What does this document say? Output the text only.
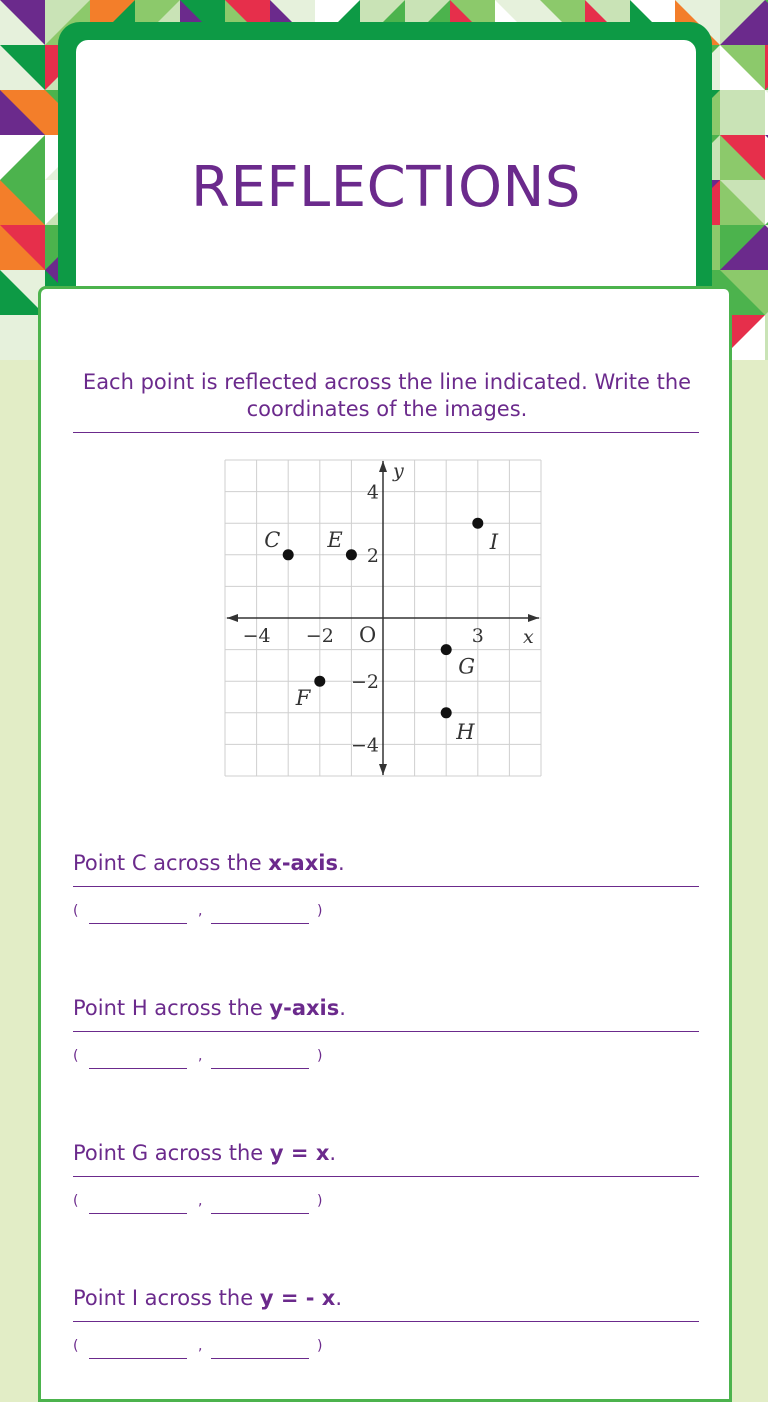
REFLECTIONS
Each point is reflected across the line indicated. Write the coordinates of the images.
x
y
O
−4 −2	3
4
2
−2
−4
C E	I
G
F
H
Point C across the x-axis.
(	,	)
Point H across the y-axis.
(	,	)
Point G across the y = x.
(	,	)
Point I across the y = - x.
(	,	)
